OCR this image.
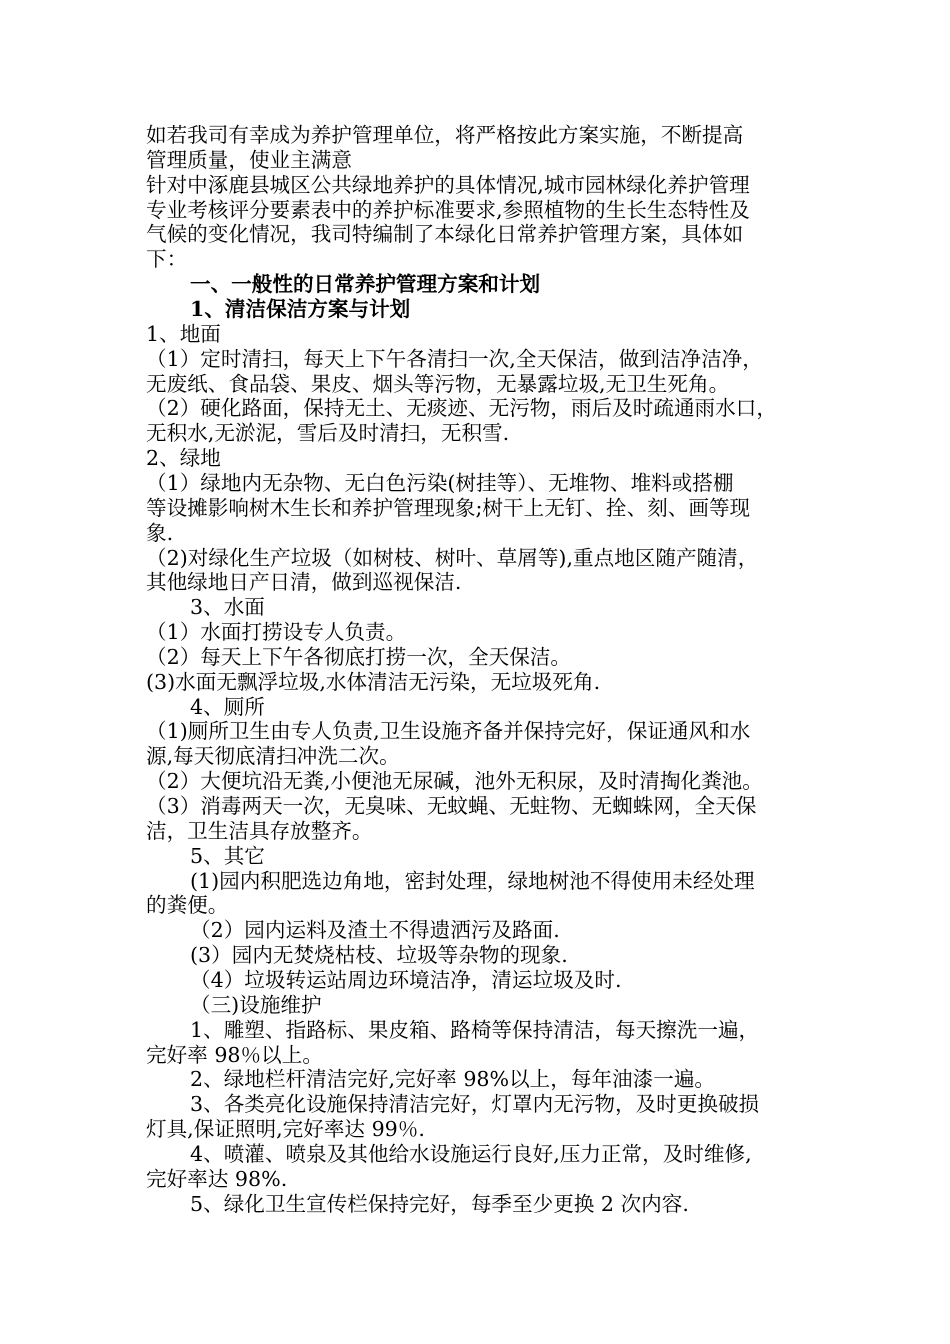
如若我司有幸成为养护管理单位，将严格按此方案实施，不断提高
管理质量，使业主满意
针对中涿鹿县城区公共绿地养护的具体情况,城市园林绿化养护管理
专业考核评分要素表中的养护标准要求,参照植物的生长生态特性及
气候的变化情况，我司特编制了本绿化日常养护管理方案，具体如
下：
一、一般性的日常养护管理方案和计划
1、清洁保洁方案与计划
1、地面
（1）定时清扫，每天上下午各清扫一次,全天保洁，做到洁净洁净，
无废纸、食品袋、果皮、烟头等污物，无暴露垃圾,无卫生死角。
（2）硬化路面，保持无土、无痰迹、无污物，雨后及时疏通雨水口，
无积水,无淤泥，雪后及时清扫，无积雪.
2、绿地
（1）绿地内无杂物、无白色污染(树挂等）、无堆物、堆料或搭棚
等设摊影响树木生长和养护管理现象;树干上无钉、拴、刻、画等现
象.
（2)对绿化生产垃圾（如树枝、树叶、草屑等),重点地区随产随清，
其他绿地日产日清，做到巡视保洁.
3、水面
（1）水面打捞设专人负责。
（2）每天上下午各彻底打捞一次，全天保洁。
(3)水面无飘浮垃圾,水体清洁无污染，无垃圾死角.
4、厕所
（1)厕所卫生由专人负责,卫生设施齐备并保持完好，保证通风和水
源,每天彻底清扫冲洗二次。
（2）大便坑沿无粪,小便池无尿碱，池外无积尿，及时清掏化粪池。
（3）消毒两天一次，无臭味、无蚊蝇、无蛀物、无蜘蛛网，全天保
洁，卫生洁具存放整齐。
5、其它
(1)园内积肥选边角地，密封处理，绿地树池不得使用未经处理
的粪便。
（2）园内运料及渣土不得遗洒污及路面.
(3）园内无焚烧枯枝、垃圾等杂物的现象.
（4）垃圾转运站周边环境洁净，清运垃圾及时.
（三)设施维护
1、雕塑、指路标、果皮箱、路椅等保持清洁，每天擦洗一遍，
完好率 98％以上。
2、绿地栏杆清洁完好,完好率 98%以上，每年油漆一遍。
3、各类亮化设施保持清洁完好，灯罩内无污物，及时更换破损
灯具,保证照明,完好率达 99％.
4、喷灌、喷泉及其他给水设施运行良好,压力正常，及时维修,
完好率达 98%.
5、绿化卫生宣传栏保持完好，每季至少更换 2 次内容.
